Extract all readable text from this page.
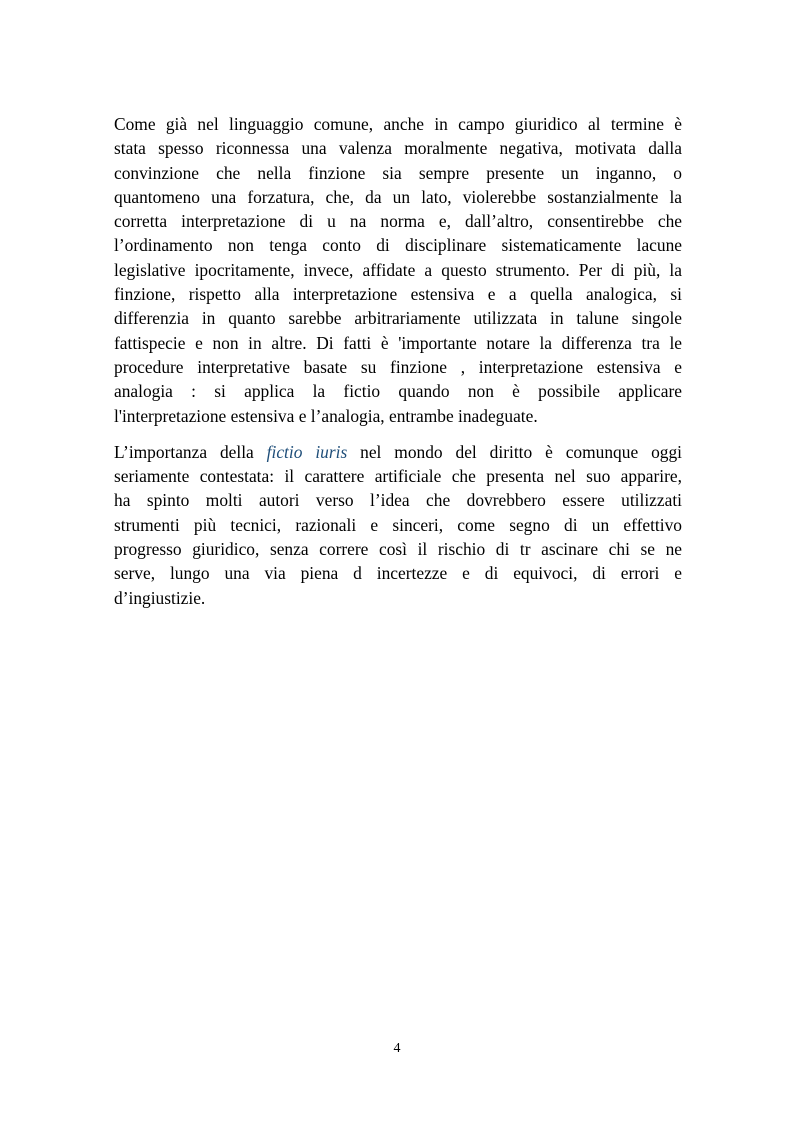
Come già nel linguaggio comune, anche in campo giuridico al termine è
stata spesso riconnessa una valenza moralmente negativa, motivata dalla
convinzione che nella finzione sia sempre presente un inganno, o
quantomeno una forzatura, che, da un lato, violerebbe sostanzialmente la
corretta interpretazione di u na norma e, dall’altro, consentirebbe che
l’ordinamento non tenga conto di disciplinare sistematicamente lacune
legislative ipocritamente, invece, affidate a questo strumento. Per di più, la
finzione, rispetto alla interpretazione estensiva e a quella analogica, si
differenzia in quanto sarebbe arbitrariamente utilizzata in talune singole
fattispecie e non in altre. Di fatti è 'importante notare la differenza tra le
procedure interpretative basate su finzione , interpretazione estensiva e
analogia : si applica la fictio quando non è possibile applicare
l'interpretazione estensiva e l’analogia, entrambe inadeguate.

L’importanza della fictio iuris nel mondo del diritto è comunque oggi
seriamente contestata: il carattere artificiale che presenta nel suo apparire,
ha spinto molti autori verso l’idea che dovrebbero essere utilizzati
strumenti più tecnici, razionali e sinceri, come segno di un effettivo
progresso giuridico, senza correre così il rischio di tr ascinare chi se ne
serve, lungo una via piena d incertezze e di equivoci, di errori e
d’ingiustizie.

4
